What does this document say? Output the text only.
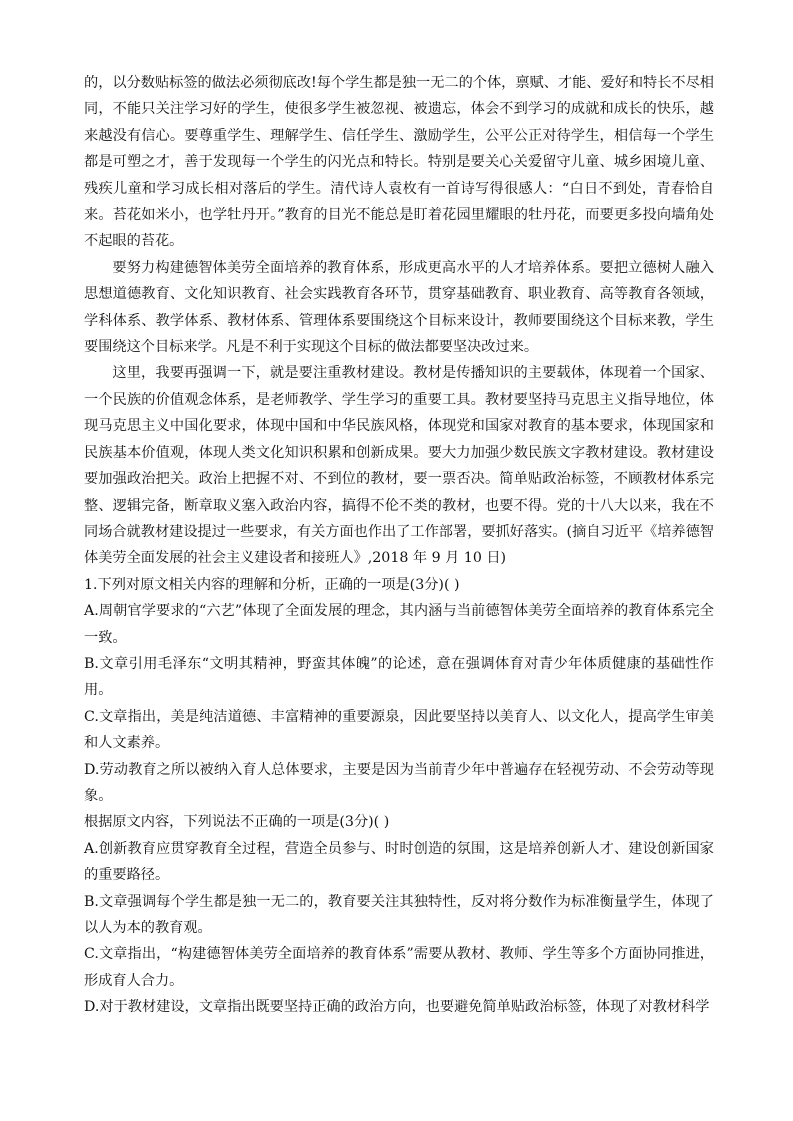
的，以分数贴标签的做法必须彻底改!每个学生都是独一无二的个体，禀赋、才能、爱好和特长不尽相同，不能只关注学习好的学生，使很多学生被忽视、被遗忘，体会不到学习的成就和成长的快乐，越来越没有信心。要尊重学生、理解学生、信任学生、激励学生，公平公正对待学生，相信每一个学生都是可塑之才，善于发现每一个学生的闪光点和特长。特别是要关心关爱留守儿童、城乡困境儿童、残疾儿童和学习成长相对落后的学生。清代诗人袁枚有一首诗写得很感人：“白日不到处，青春恰自来。苔花如米小，也学牡丹开。”教育的目光不能总是盯着花园里耀眼的牡丹花，而要更多投向墙角处不起眼的苔花。

要努力构建德智体美劳全面培养的教育体系，形成更高水平的人才培养体系。要把立德树人融入思想道德教育、文化知识教育、社会实践教育各环节，贯穿基础教育、职业教育、高等教育各领域，学科体系、教学体系、教材体系、管理体系要围绕这个目标来设计，教师要围绕这个目标来教，学生要围绕这个目标来学。凡是不利于实现这个目标的做法都要坚决改过来。

这里，我要再强调一下，就是要注重教材建设。教材是传播知识的主要载体，体现着一个国家、一个民族的价值观念体系，是老师教学、学生学习的重要工具。教材要坚持马克思主义指导地位，体现马克思主义中国化要求，体现中国和中华民族风格，体现党和国家对教育的基本要求，体现国家和民族基本价值观，体现人类文化知识积累和创新成果。要大力加强少数民族文字教材建设。教材建设要加强政治把关。政治上把握不对、不到位的教材，要一票否决。简单贴政治标签，不顾教材体系完整、逻辑完备，断章取义塞入政治内容，搞得不伦不类的教材，也要不得。党的十八大以来，我在不同场合就教材建设提过一些要求，有关方面也作出了工作部署，要抓好落实。(摘自习近平《培养德智体美劳全面发展的社会主义建设者和接班人》,2018 年 9 月 10 日)

1.下列对原文相关内容的理解和分析，正确的一项是(3分)( )

A.周朝官学要求的“六艺”体现了全面发展的理念，其内涵与当前德智体美劳全面培养的教育体系完全一致。

B.文章引用毛泽东“文明其精神，野蛮其体魄”的论述，意在强调体育对青少年体质健康的基础性作用。

C.文章指出，美是纯洁道德、丰富精神的重要源泉，因此要坚持以美育人、以文化人，提高学生审美和人文素养。

D.劳动教育之所以被纳入育人总体要求，主要是因为当前青少年中普遍存在轻视劳动、不会劳动等现象。

根据原文内容，下列说法不正确的一项是(3分)( )

A.创新教育应贯穿教育全过程，营造全员参与、时时创造的氛围，这是培养创新人才、建设创新国家的重要路径。

B.文章强调每个学生都是独一无二的，教育要关注其独特性，反对将分数作为标准衡量学生，体现了以人为本的教育观。

C.文章指出，“构建德智体美劳全面培养的教育体系”需要从教材、教师、学生等多个方面协同推进，形成育人合力。

D.对于教材建设，文章指出既要坚持正确的政治方向，也要避免简单贴政治标签，体现了对教材科学
